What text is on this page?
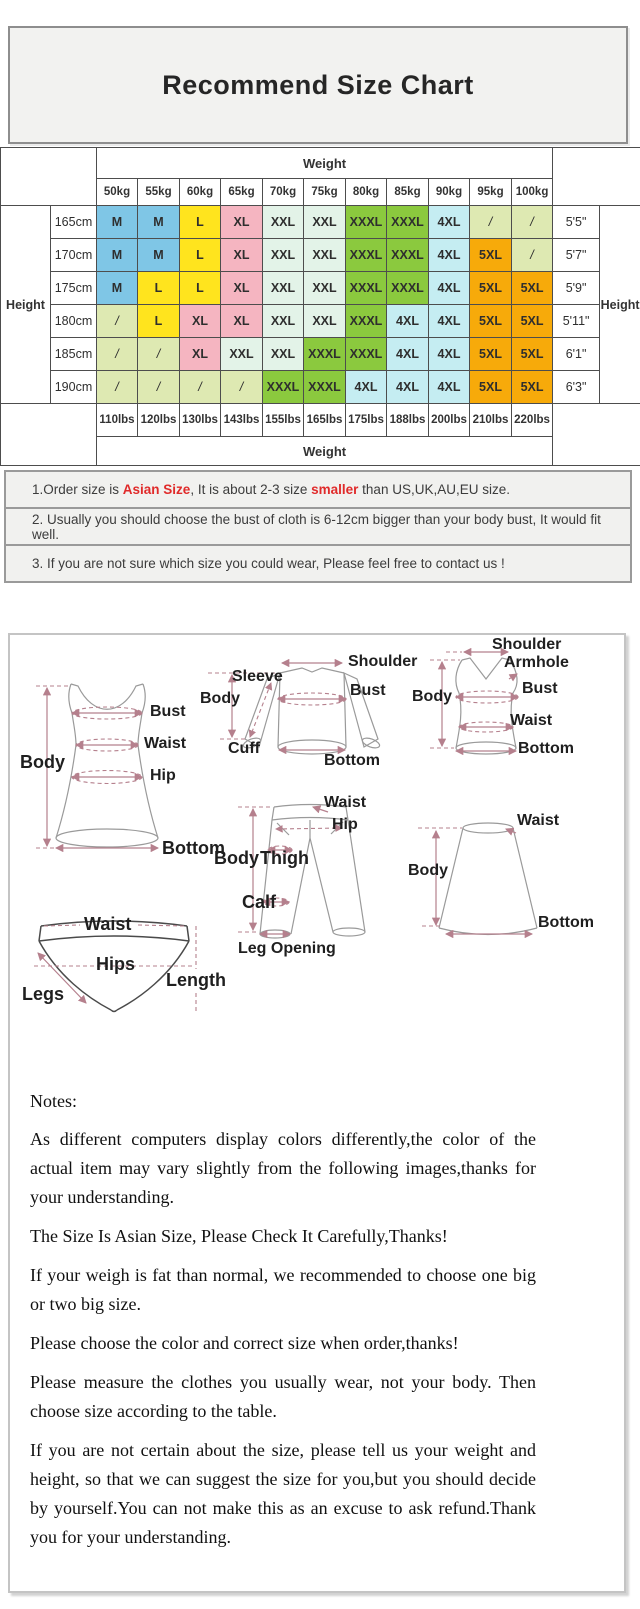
Recommend Size Chart
		Weight												
		50kg	55kg	60kg	65kg	70kg	75kg	80kg	85kg	90kg	95kg	100kg		
Height	165cm	M	M	L	XL	XXL	XXL	XXXL	XXXL	4XL	/	/	5'5"	Height
	170cm	M	M	L	XL	XXL	XXL	XXXL	XXXL	4XL	5XL	/	5'7"	
	175cm	M	L	L	XL	XXL	XXL	XXXL	XXXL	4XL	5XL	5XL	5'9"	
	180cm	/	L	XL	XL	XXL	XXL	XXXL	4XL	4XL	5XL	5XL	5'11"	
	185cm	/	/	XL	XXL	XXL	XXXL	XXXL	4XL	4XL	5XL	5XL	6'1"	
	190cm	/	/	/	/	XXXL	XXXL	4XL	4XL	4XL	5XL	5XL	6'3"	
		110lbs	120lbs	130lbs	143lbs	155lbs	165lbs	175lbs	188lbs	200lbs	210lbs	220lbs		
		Weight												
1.Order size is Asian Size, It is about 2-3 size smaller than US,UK,AU,EU size.
2. Usually you should choose the bust of cloth is 6-12cm bigger than your body bust, It would fit well.
3. If you are not sure which size you could wear, Please feel free to contact us !
Bust
Waist
Hip
Body
Bottom
Shoulder
Sleeve
Body	Bust
Cuff
Bottom
Shoulder
Armhole
Body	Bust
Waist
Bottom
Waist
Hip
Body Thigh
Calf
Leg Opening
Waist
Body
Bottom
Waist
Hips
Legs
Length

Notes:

As different computers display colors differently,the color of the actual item may vary slightly from the following images,thanks for your understanding.

The Size Is Asian Size, Please Check It Carefully,Thanks!

If your weigh is fat than normal, we recommended to choose one big or two big size.

Please choose the color and correct size when order,thanks!

Please measure the clothes you usually wear, not your body. Then choose size according to the table.

If you are not certain about the size, please tell us your weight and height, so that we can suggest the size for you,but you should decide by yourself.You can not make this as an excuse to ask refund.Thank you for your understanding.
